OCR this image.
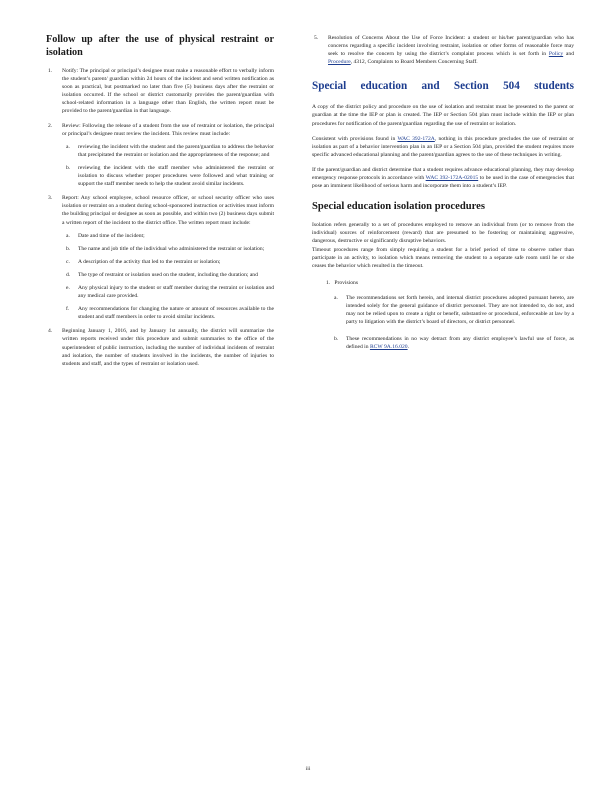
Follow up after the use of physical restraint or isolation
1. Notify: The principal or principal’s designee must make a reasonable effort to verbally inform the student’s parent/ guardian within 24 hours of the incident and send written notification as soon as practical, but postmarked no later than five (5) business days after the restraint or isolation occurred. If the school or district customarily provides the parent/guardian with school-related information in a language other than English, the written report must be provided to the parent/guardian in that language.
2. Review: Following the release of a student from the use of restraint or isolation, the principal or principal’s designee must review the incident. This review must include:
a. reviewing the incident with the student and the parent/guardian to address the behavior that precipitated the restraint or isolation and the appropriateness of the response; and
b. reviewing the incident with the staff member who administered the restraint or isolation to discuss whether proper procedures were followed and what training or support the staff member needs to help the student avoid similar incidents.
3. Report: Any school employee, school resource officer, or school security officer who uses isolation or restraint on a student during school-sponsored instruction or activities must inform the building principal or designee as soon as possible, and within two (2) business days submit a written report of the incident to the district office. The written report must include:
a. Date and time of the incident;
b. The name and job title of the individual who administered the restraint or isolation;
c. A description of the activity that led to the restraint or isolation;
d. The type of restraint or isolation used on the student, including the duration; and
e. Any physical injury to the student or staff member during the restraint or isolation and any medical care provided.
f. Any recommendations for changing the nature or amount of resources available to the student and staff members in order to avoid similar incidents.
4. Beginning January 1, 2016, and by January 1st annually, the district will summarize the written reports received under this procedure and submit summaries to the office of the superintendent of public instruction, including the number of individual incidents of restraint and isolation, the number of students involved in the incidents, the number of injuries to students and staff, and the types of restraint or isolation used.
5. Resolution of Concerns About the Use of Force Incident: a student or his/her parent/guardian who has concerns regarding a specific incident involving restraint, isolation or other forms of reasonable force may seek to resolve the concern by using the district’s complaint process which is set forth in Policy and Procedure, 4312, Complaints to Board Members Concerning Staff.
Special education and Section 504 students

A copy of the district policy and procedure on the use of isolation and restraint must be presented to the parent or guardian at the time the IEP or plan is created. The IEP or Section 504 plan must include within the IEP or plan procedures for notification of the parent/guardian regarding the use of restraint or isolation.

Consistent with provisions found in WAC 392-172A, nothing in this procedure precludes the use of restraint or isolation as part of a behavior intervention plan in an IEP or a Section 504 plan, provided the student requires more specific advanced educational planning and the parent/guardian agrees to the use of these techniques in writing.

If the parent/guardian and district determine that a student requires advance educational planning, they may develop emergency response protocols in accordance with WAC 392-172A-02015 to be used in the case of emergencies that pose an imminent likelihood of serious harm and incorporate them into a student’s IEP.

Special education isolation procedures

Isolation refers generally to a set of procedures employed to remove an individual from (or to remove from the individual) sources of reinforcement (reward) that are presumed to be fostering or maintaining aggressive, dangerous, destructive or significantly disruptive behaviors.

Timeout procedures range from simply requiring a student for a brief period of time to observe rather than participate in an activity, to isolation which means removing the student to a separate safe room until he or she ceases the behavior which resulted in the timeout.

1. Provisions
a. The recommendations set forth herein, and internal district procedures adopted pursuant hereto, are intended solely for the general guidance of district personnel. They are not intended to, do not, and may not be relied upon to create a right or benefit, substantive or procedural, enforceable at law by a party to litigation with the district’s board of directors, or district personnel.
b. These recommendations in no way detract from any district employee’s lawful use of force, as defined in RCW 9A.16.020.
iii
